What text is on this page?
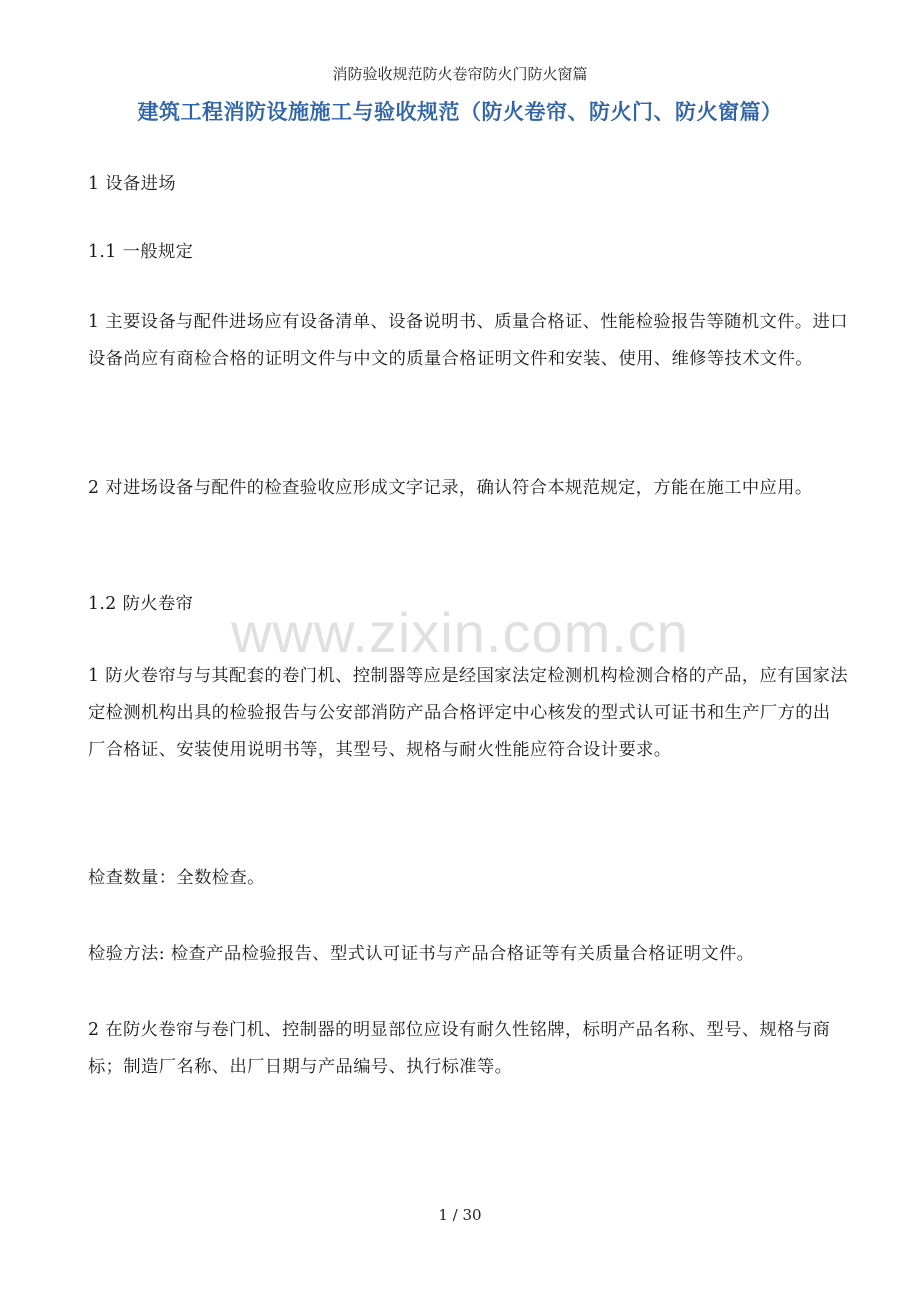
消防验收规范防火卷帘防火门防火窗篇
建筑工程消防设施施工与验收规范（防火卷帘、防火门、防火窗篇）
1 设备进场
1.1 一般规定
1 主要设备与配件进场应有设备清单、设备说明书、质量合格证、性能检验报告等随机文件。进口设备尚应有商检合格的证明文件与中文的质量合格证明文件和安装、使用、维修等技术文件。
2 对进场设备与配件的检查验收应形成文字记录，确认符合本规范规定，方能在施工中应用。
1.2 防火卷帘
1 防火卷帘与与其配套的卷门机、控制器等应是经国家法定检测机构检测合格的产品，应有国家法定检测机构出具的检验报告与公安部消防产品合格评定中心核发的型式认可证书和生产厂方的出厂合格证、安装使用说明书等，其型号、规格与耐火性能应符合设计要求。
检查数量：全数检查。
检验方法: 检查产品检验报告、型式认可证书与产品合格证等有关质量合格证明文件。
2 在防火卷帘与卷门机、控制器的明显部位应设有耐久性铭牌，标明产品名称、型号、规格与商标；制造厂名称、出厂日期与产品编号、执行标准等。
www.zixin.com.cn
1 / 30
